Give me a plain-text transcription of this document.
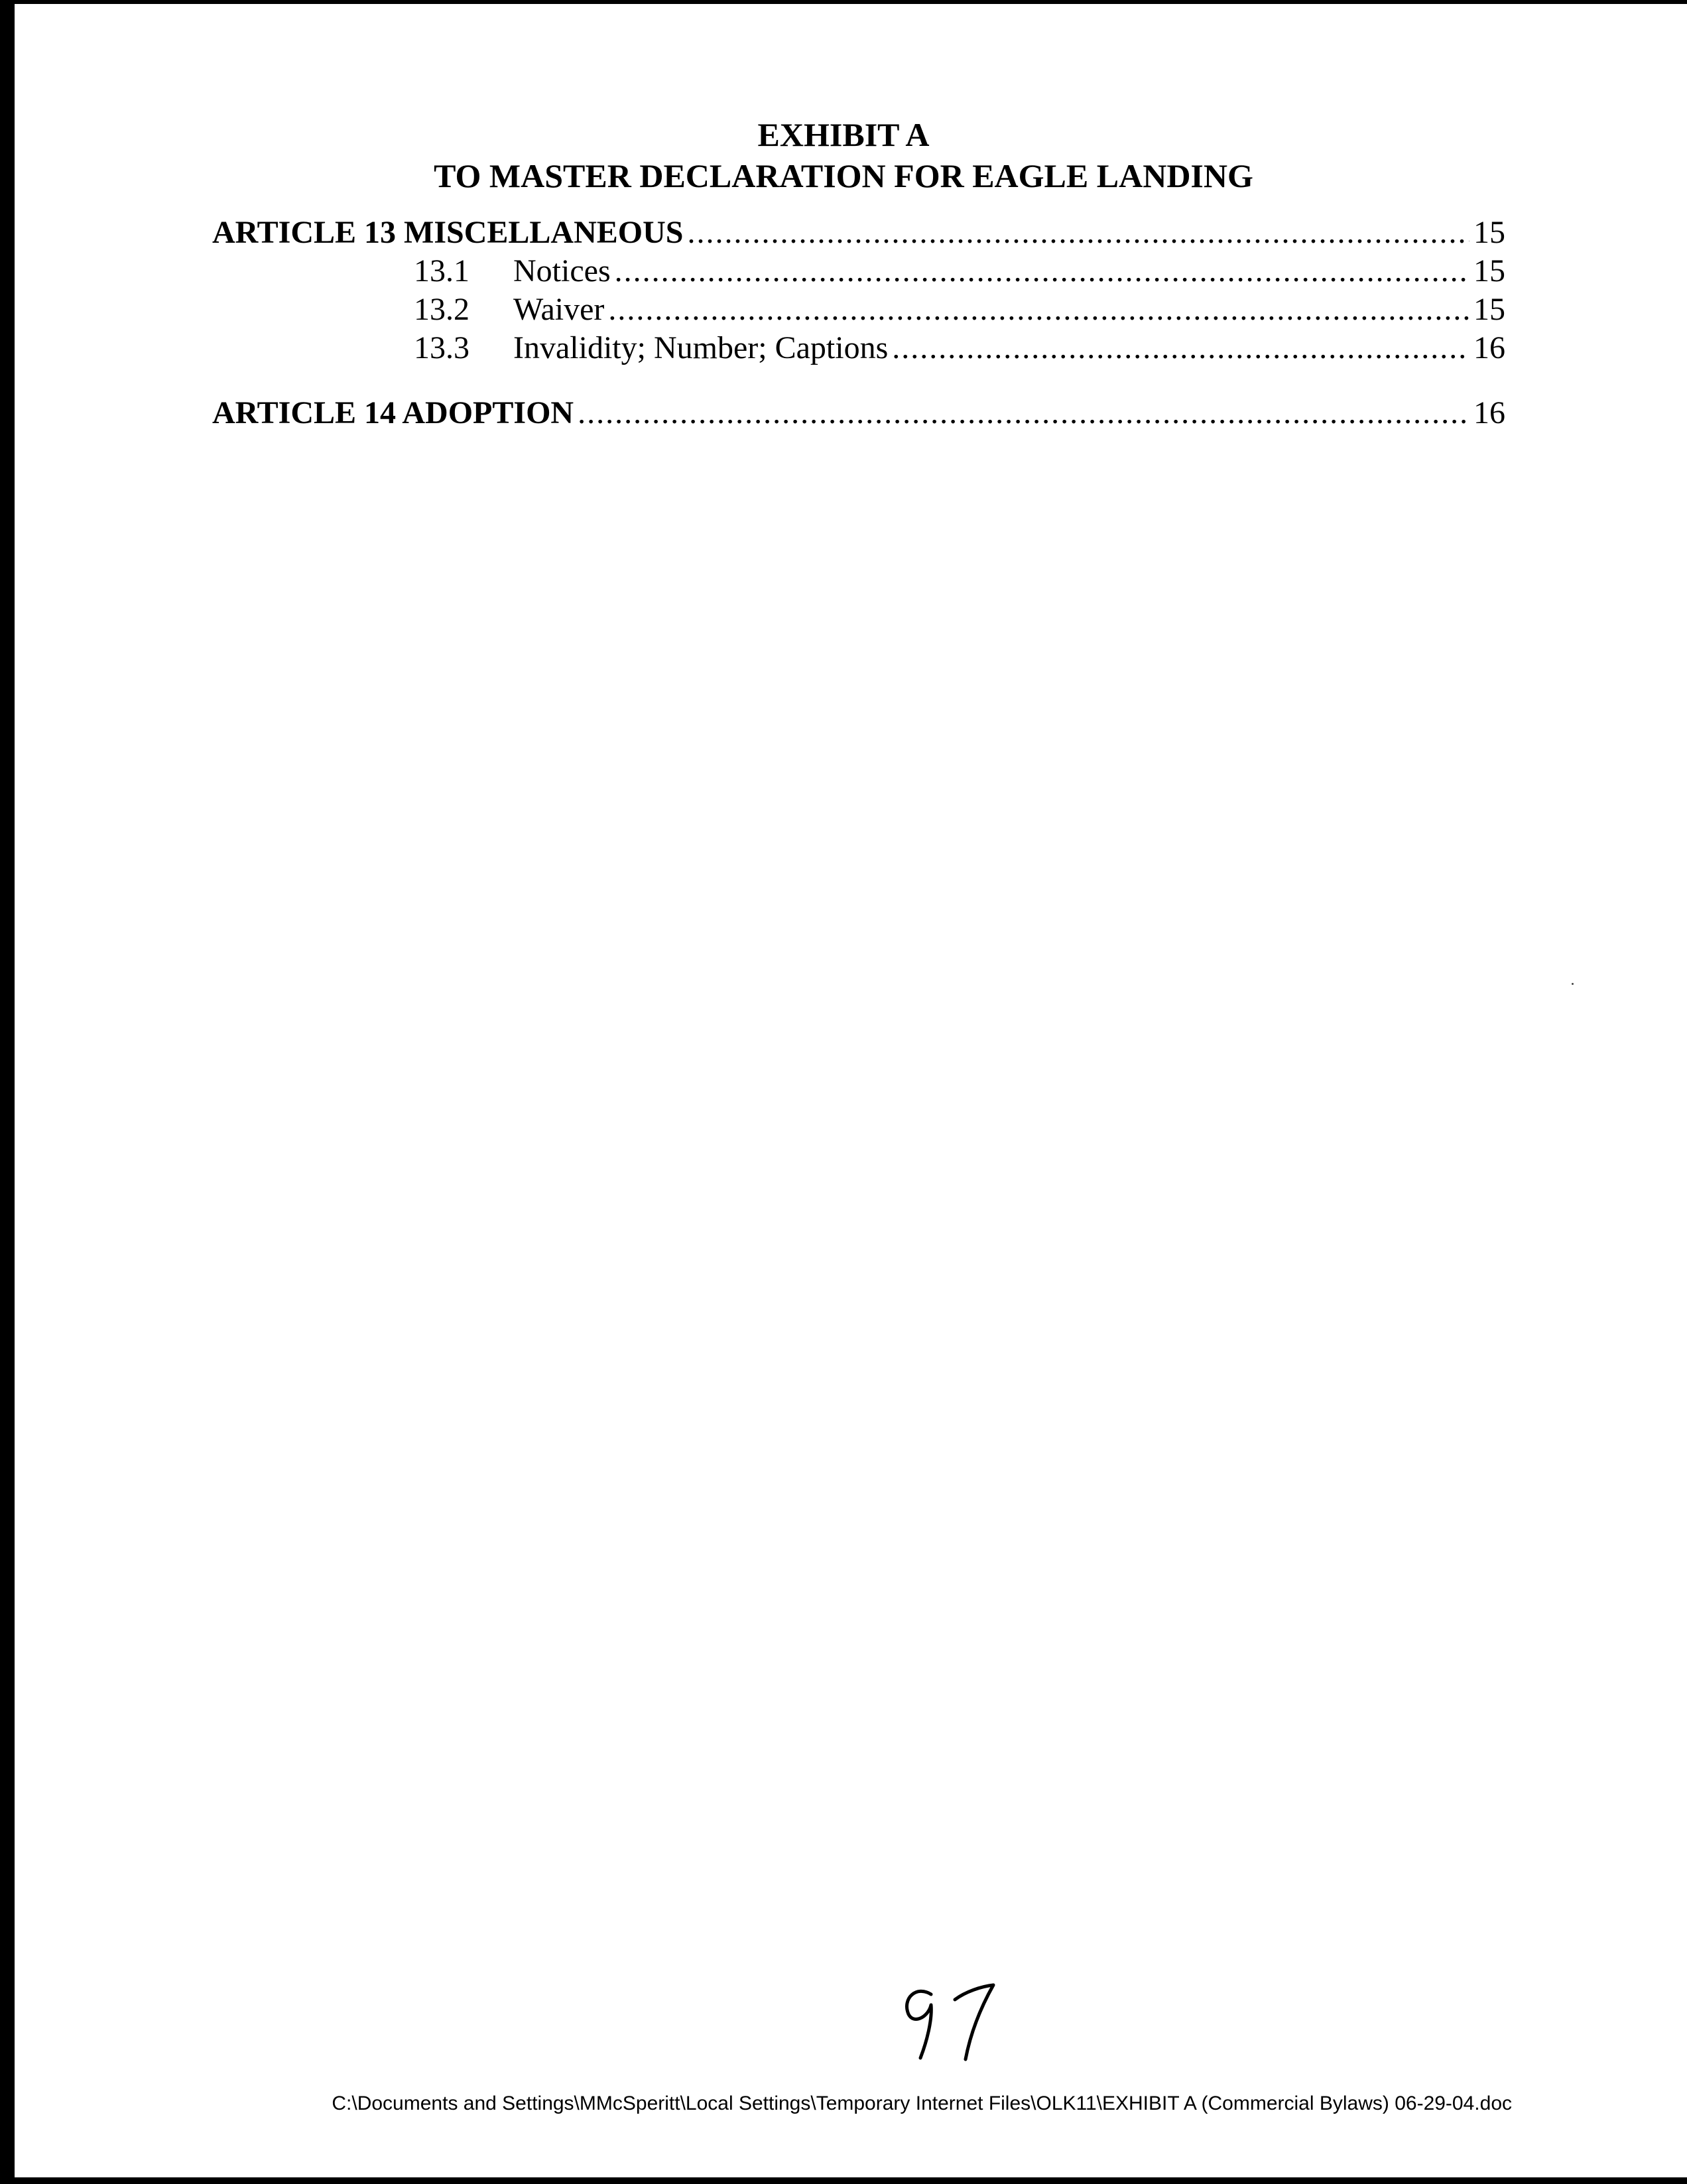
EXHIBIT A
TO MASTER DECLARATION FOR EAGLE LANDING
ARTICLE 13 MISCELLANEOUS .....	15
13.1	Notices .....	15
13.2	Waiver .....	15
13.3	Invalidity; Number; Captions .....	16
ARTICLE 14 ADOPTION .....	16
C:\Documents and Settings\MMcSperitt\Local Settings\Temporary Internet Files\OLK11\EXHIBIT A (Commercial Bylaws) 06-29-04.doc
